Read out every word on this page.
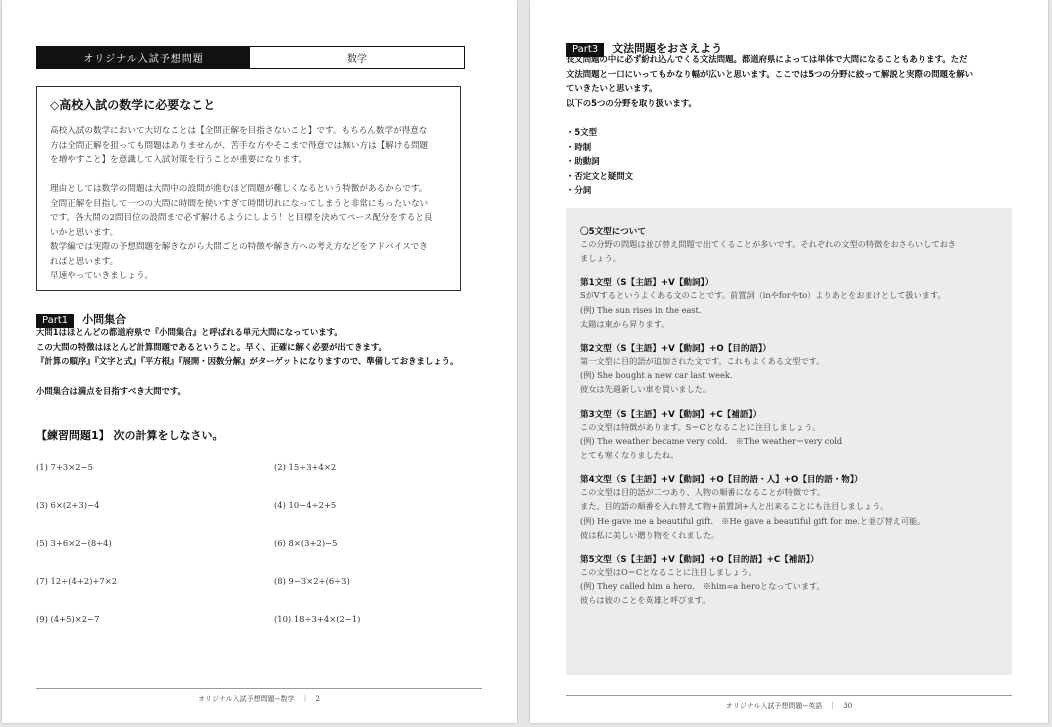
オリジナル入試予想問題	数学
◇高校入試の数学に必要なこと
高校入試の数学において大切なことは【全問正解を目指さないこと】です。もちろん数学が得意な
方は全問正解を狙っても問題はありませんが、苦手な方やそこまで得意では無い方は【解ける問題
を増やすこと】を意識して入試対策を行うことが重要になります。
理由としては数学の問題は大問中の設問が進むほど問題が難しくなるという特徴があるからです。
全問正解を目指して一つの大問に時間を使いすぎて時間切れになってしまうと非常にもったいない
です。各大問の2問目位の設問まで必ず解けるようにしよう！と目標を決めてペース配分をすると良
いかと思います。
数学編では実際の予想問題を解きながら大問ごとの特徴や解き方への考え方などをアドバイスでき
ればと思います。
早速やっていきましょう。
Part1 小問集合
大問1はほとんどの都道府県で『小問集合』と呼ばれる単元大問になっています。
この大問の特徴はほとんど計算問題であるということ。早く、正確に解く必要が出てきます。
『計算の順序』『文字と式』『平方根』『展開・因数分解』がターゲットになりますので、準備しておきましょう。
小問集合は満点を目指すべき大問です。
【練習問題1】 次の計算をしなさい。
(1) 7+3×2−5	(2) 15÷3+4×2
(3) 6×(2+3)−4	(4) 10−4÷2+5
(5) 3+6×2−(8÷4)	(6) 8×(3+2)−5
(7) 12÷(4+2)+7×2	(8) 9−3×2+(6÷3)
(9) (4+5)×2−7	(10) 18÷3+4×(2−1)
オリジナル入試予想問題−数学　｜　2
Part3 文法問題をおさえよう
長文問題の中に必ず紛れ込んでくる文法問題。都道府県によっては単体で大問になることもあります。ただ
文法問題と一口にいってもかなり幅が広いと思います。ここでは5つの分野に絞って解説と実際の問題を解い
ていきたいと思います。
以下の5つの分野を取り扱います。
・5文型
・時制
・助動詞
・否定文と疑問文
・分詞
〇5文型について
この分野の問題は並び替え問題で出てくることが多いです。それぞれの文型の特徴をおさらいしておき
ましょう。
第1文型（S【主語】+V【動詞】）
SがVするというよくある文のことです。前置詞（inやforやto）よりあとをおまけとして扱います。
(例) The sun rises in the east.
太陽は東から昇ります。
第2文型（S【主語】+V【動詞】+O【目的語】）
第一文型に目的語が追加された文です。これもよくある文型です。
(例) She bought a new car last week.
彼女は先週新しい車を買いました。
第3文型（S【主語】+V【動詞】+C【補語】）
この文型は特徴があります。S＝Cとなることに注目しましょう。
(例) The weather became very cold.　※The weather＝very cold
とても寒くなりましたね。
第4文型（S【主語】+V【動詞】+O【目的語・人】+O【目的語・物】）
この文型は目的語が二つあり、人物の順番になることが特徴です。
また、目的語の順番を入れ替えて物+前置詞+人と出来ることにも注目しましょう。
(例) He gave me a beautiful gift.　※He gave a beautiful gift for me.と並び替え可能。
彼は私に美しい贈り物をくれました。
第5文型（S【主語】+V【動詞】+O【目的語】+C【補語】）
この文型はO＝Cとなることに注目しましょう。
(例) They called him a hero.　※him=a heroとなっています。
彼らは彼のことを英雄と呼びます。
オリジナル入試予想問題−英語　｜　30
